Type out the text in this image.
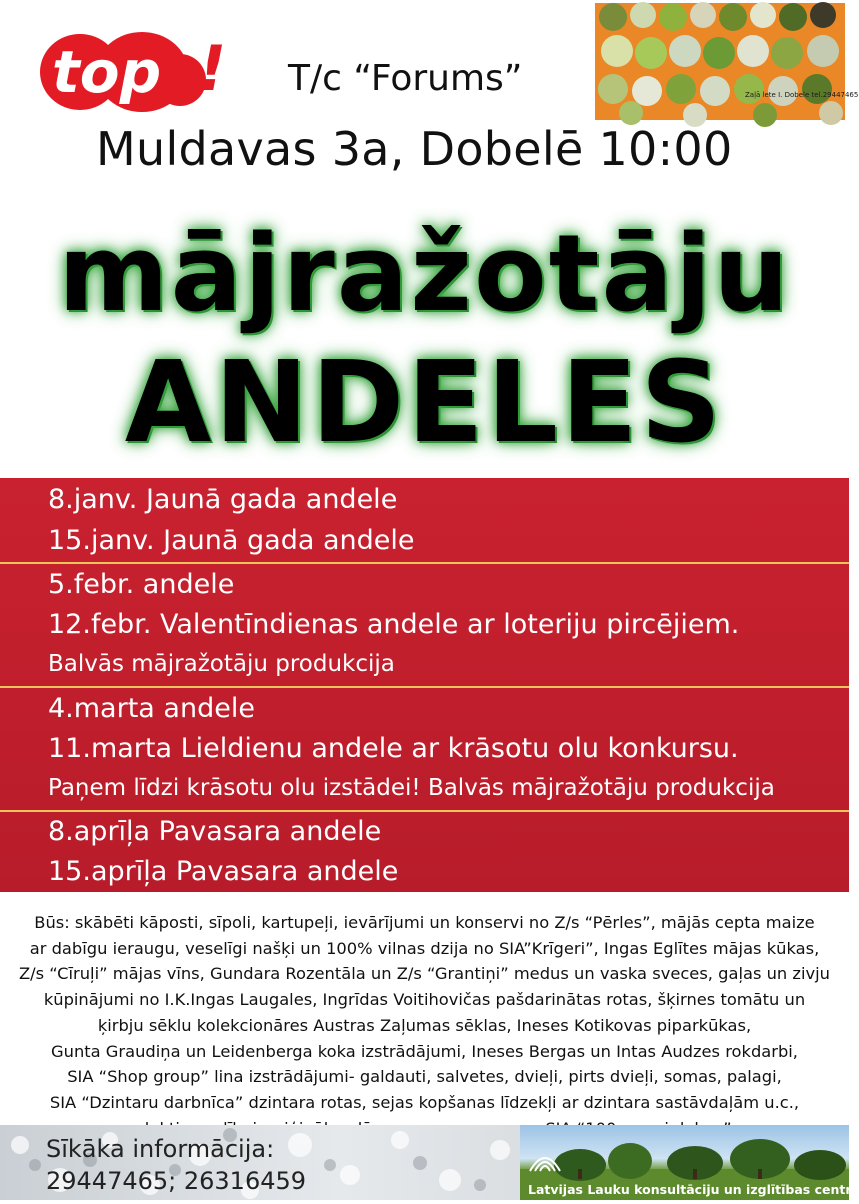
top !	Zaļā lete I. Dobele tel.29447465
T/c “Forums”
Muldavas 3a, Dobelē 10:00
mājražotāju
ANDELES
8.janv. Jaunā gada andele
15.janv. Jaunā gada andele
5.febr. andele
12.febr. Valentīndienas andele ar loteriju pircējiem.
Balvās mājražotāju produkcija
4.marta andele
11.marta Lieldienu andele ar krāsotu olu konkursu.
Paņem līdzi krāsotu olu izstādei! Balvās mājražotāju produkcija
8.aprīļa Pavasara andele
15.aprīļa Pavasara andele
Būs: skābēti kāposti, sīpoli, kartupeļi, ievārījumi un konservi no Z/s “Pērles”, mājās cepta maize
ar dabīgu ieraugu, veselīgi našķi un 100% vilnas dzija no SIA”Krīgeri”, Ingas Eglītes mājas kūkas,
Z/s “Cīruļi” mājas vīns, Gundara Rozentāla un Z/s “Grantiņi” medus un vaska sveces, gaļas un zivju
kūpinājumi no I.K.Ingas Laugales, Ingrīdas Voitihovičas pašdarinātas rotas, šķirnes tomātu un
ķirbju sēklu kolekcionāres Austras Zaļumas sēklas, Ineses Kotikovas piparkūkas,
Gunta Graudiņa un Leidenberga koka izstrādājumi, Ineses Bergas un Intas Audzes rokdarbi,
SIA “Shop group” lina izstrādājumi- galdauti, salvetes, dvieļi, pirts dvieļi, somas, palagi,
SIA “Dzintaru darbnīca” dzintara rotas, sejas kopšanas līdzekļi ar dzintara sastāvdaļām u.c.,
Sīkāka informācija:
29447465; 26316459	Latvijas Lauku konsultāciju un izglītības centrs
